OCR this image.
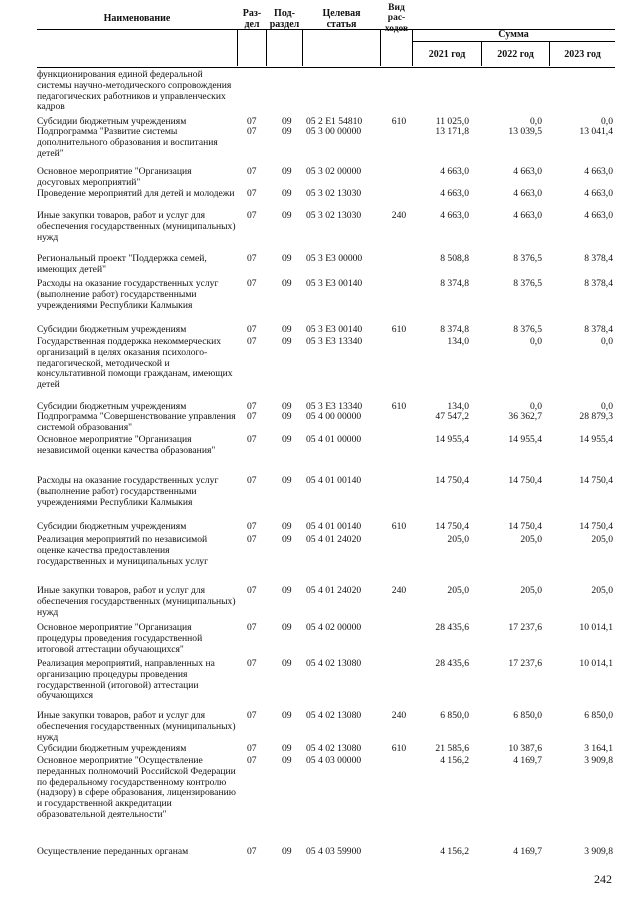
Наименование	Раз-
дел
Под-
раздел
Целевая
статья
Вид
рас-
ходов
Сумма
2021 год	2022 год	2023 год
функционирования единой федеральной системы научно-методического сопровождения педагогических работников и управленческих кадров
Субсидии бюджетным учреждениям	07	09	05 2 E1 54810	610	11 025,0	0,0	0,0
Подпрограмма "Развитие системы дополнительного образования и воспитания детей"
07	09	05 3 00 00000	13 171,8	13 039,5	13 041,4
Основное мероприятие "Организация досуговых мероприятий"
07	09	05 3 02 00000	4 663,0	4 663,0	4 663,0
Проведение мероприятий для детей и молодежи 07	09	05 3 02 13030	4 663,0	4 663,0	4 663,0
Иные закупки товаров, работ и услуг для обеспечения государственных (муниципальных) нужд
07	09	05 3 02 13030	240	4 663,0	4 663,0	4 663,0
Региональный проект "Поддержка семей, имеющих детей"
07	09	05 3 E3 00000	8 508,8	8 376,5	8 378,4
Расходы на оказание государственных услуг (выполнение работ) государственными учреждениями Республики Калмыкия
07	09	05 3 E3 00140	8 374,8	8 376,5	8 378,4
Субсидии бюджетным учреждениям	07	09	05 3 E3 00140	610	8 374,8	8 376,5	8 378,4
Государственная поддержка некоммерческих организаций в целях оказания психолого-педагогической, методической и консультативной помощи гражданам, имеющих детей
07	09	05 3 E3 13340	134,0	0,0	0,0
Субсидии бюджетным учреждениям	07	09	05 3 E3 13340	610	134,0	0,0	0,0
Подпрограмма "Совершенствование управления системой образования"
07	09	05 4 00 00000	47 547,2	36 362,7	28 879,3
Основное мероприятие "Организация независимой оценки качества образования"
07	09	05 4 01 00000	14 955,4	14 955,4	14 955,4
Расходы на оказание государственных услуг (выполнение работ) государственными учреждениями Республики Калмыкия
07	09	05 4 01 00140	14 750,4	14 750,4	14 750,4
Субсидии бюджетным учреждениям	07	09	05 4 01 00140	610	14 750,4	14 750,4	14 750,4
Реализация мероприятий по независимой оценке качества предоставления государственных и муниципальных услуг
07	09	05 4 01 24020	205,0	205,0	205,0
Иные закупки товаров, работ и услуг для обеспечения государственных (муниципальных) нужд
07	09	05 4 01 24020	240	205,0	205,0	205,0
Основное мероприятие "Организация процедуры проведения государственной итоговой аттестации обучающихся"
07	09	05 4 02 00000	28 435,6	17 237,6	10 014,1
Реализация мероприятий, направленных на организацию процедуры проведения государственной (итоговой) аттестации обучающихся
07	09	05 4 02 13080	28 435,6	17 237,6	10 014,1
Иные закупки товаров, работ и услуг для обеспечения государственных (муниципальных) нужд
07	09	05 4 02 13080	240	6 850,0	6 850,0	6 850,0
Субсидии бюджетным учреждениям	07	09	05 4 02 13080	610	21 585,6	10 387,6	3 164,1
Основное мероприятие "Осуществление переданных полномочий Российской Федерации по федеральному государственному контролю (надзору) в сфере образования, лицензированию и государственной аккредитации образовательной деятельности"
07	09	05 4 03 00000	4 156,2	4 169,7	3 909,8
Осуществление переданных органам	07	09	05 4 03 59900	4 156,2	4 169,7	3 909,8
242
